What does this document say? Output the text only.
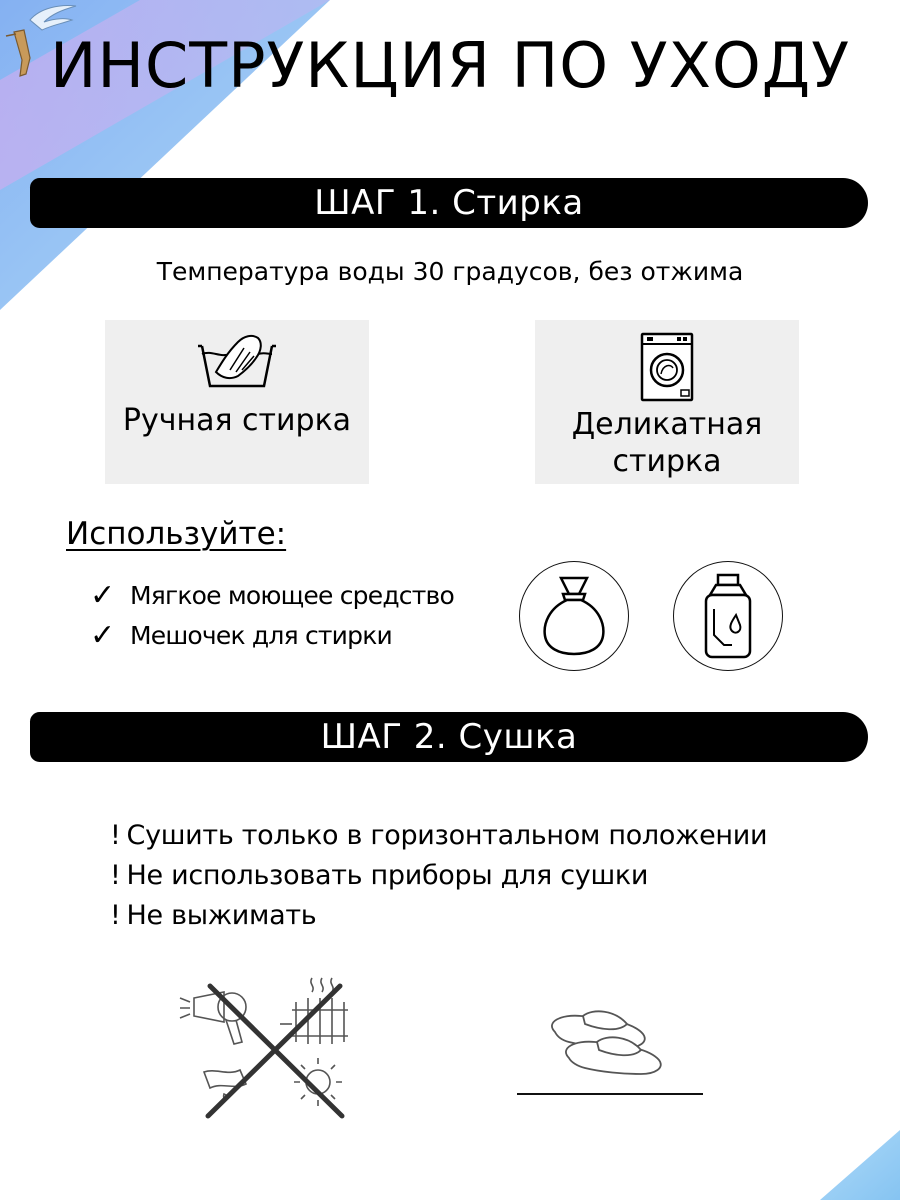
ИНСТРУКЦИЯ ПО УХОДУ
ШАГ 1. Стирка
Температура воды 30 градусов, без отжима
Ручная стирка	Деликатная
стирка
Используйте:
✓ Мягкое моющее средство
✓ Мешочек для стирки
ШАГ 2. Сушка
! Сушить только в горизонтальном положении
! Не использовать приборы для сушки
! Не выжимать
